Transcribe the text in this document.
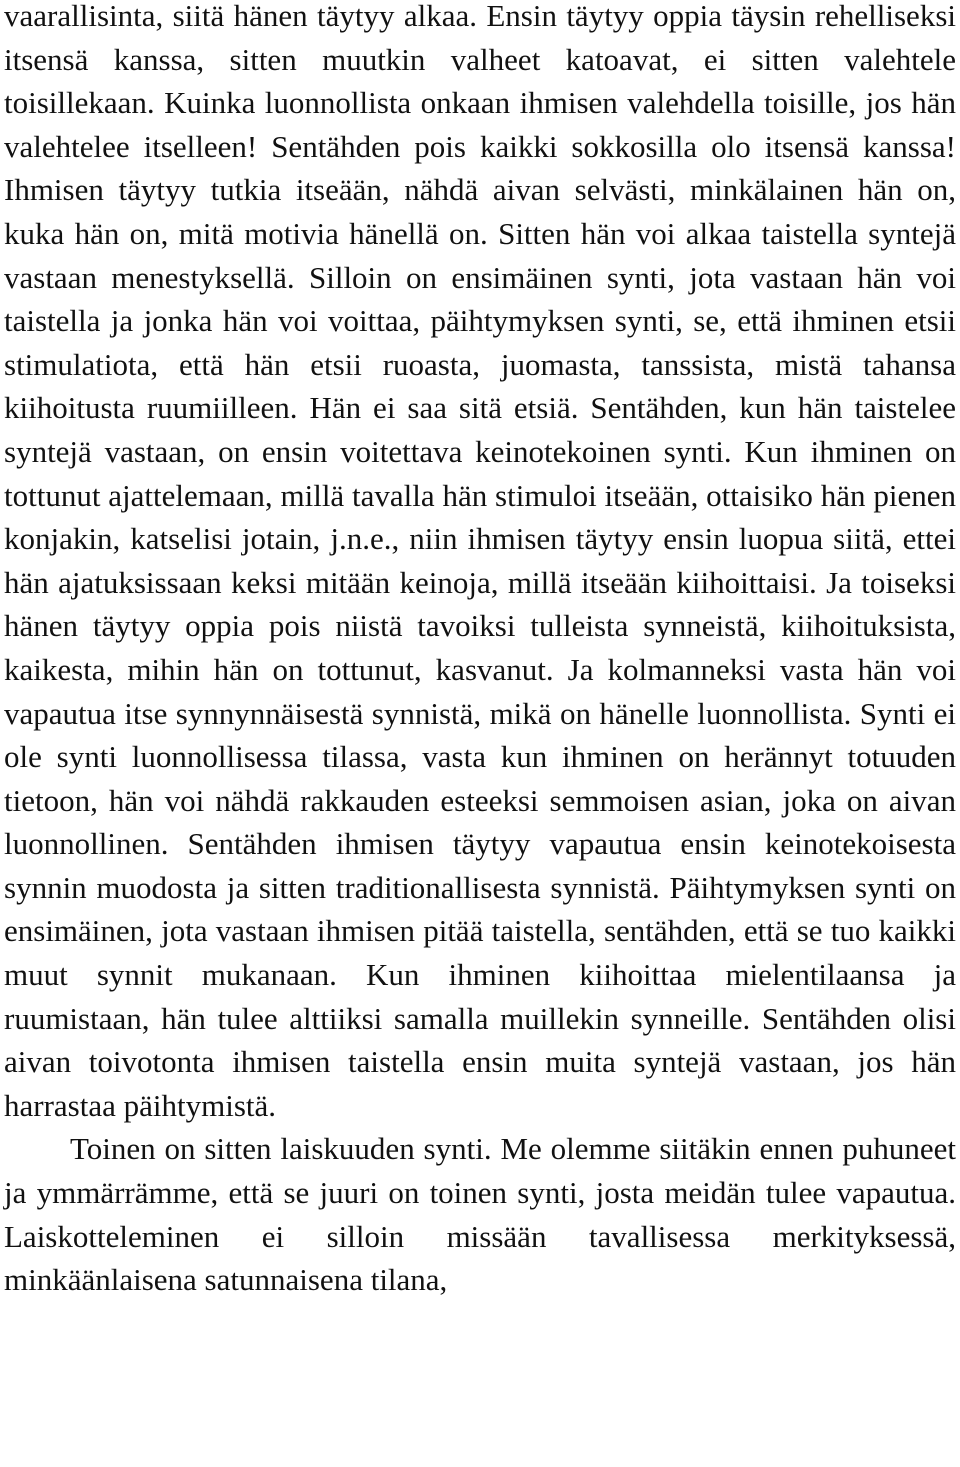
vaarallisinta, siitä hänen täytyy alkaa. Ensin täytyy oppia täysin rehelliseksi itsensä kanssa, sitten muutkin valheet katoavat, ei sitten valehtele toisillekaan. Kuinka luonnollista onkaan ihmisen valehdella toisille, jos hän valehtelee itselleen! Sentähden pois kaikki sokkosilla olo itsensä kanssa! Ihmisen täytyy tutkia itseään, nähdä aivan selvästi, minkälainen hän on, kuka hän on, mitä motivia hänellä on. Sitten hän voi alkaa taistella syntejä vastaan menestyksellä. Silloin on ensimäinen synti, jota vastaan hän voi taistella ja jonka hän voi voittaa, päihtymyksen synti, se, että ihminen etsii stimulatiota, että hän etsii ruoasta, juomasta, tanssista, mistä tahansa kiihoitusta ruumiilleen. Hän ei saa sitä etsiä. Sentähden, kun hän taistelee syntejä vastaan, on ensin voitettava keinotekoinen synti. Kun ihminen on tottunut ajattelemaan, millä tavalla hän stimuloi itseään, ottaisiko hän pienen konjakin, katselisi jotain, j.n.e., niin ihmisen täytyy ensin luopua siitä, ettei hän ajatuksissaan keksi mitään keinoja, millä itseään kiihoittaisi. Ja toiseksi hänen täytyy oppia pois niistä tavoiksi tulleista synneistä, kiihoituksista, kaikesta, mihin hän on tottunut, kasvanut. Ja kolmanneksi vasta hän voi vapautua itse synnynnäisestä synnistä, mikä on hänelle luonnollista. Synti ei ole synti luonnollisessa tilassa, vasta kun ihminen on herännyt totuuden tietoon, hän voi nähdä rakkauden esteeksi semmoisen asian, joka on aivan luonnollinen. Sentähden ihmisen täytyy vapautua ensin keinotekoisesta synnin muodosta ja sitten traditionallisesta synnistä. Päihtymyksen synti on ensimäinen, jota vastaan ihmisen pitää taistella, sentähden, että se tuo kaikki muut synnit mukanaan. Kun ihminen kiihoittaa mielentilaansa ja ruumistaan, hän tulee alttiiksi samalla muillekin synneille. Sentähden olisi aivan toivotonta ihmisen taistella ensin muita syntejä vastaan, jos hän harrastaa päihtymistä.

Toinen on sitten laiskuuden synti. Me olemme siitäkin ennen puhuneet ja ymmärrämme, että se juuri on toinen synti, josta meidän tulee vapautua. Laiskotteleminen ei silloin missään tavallisessa merkityksessä, minkäänlaisena satunnaisena tilana,
